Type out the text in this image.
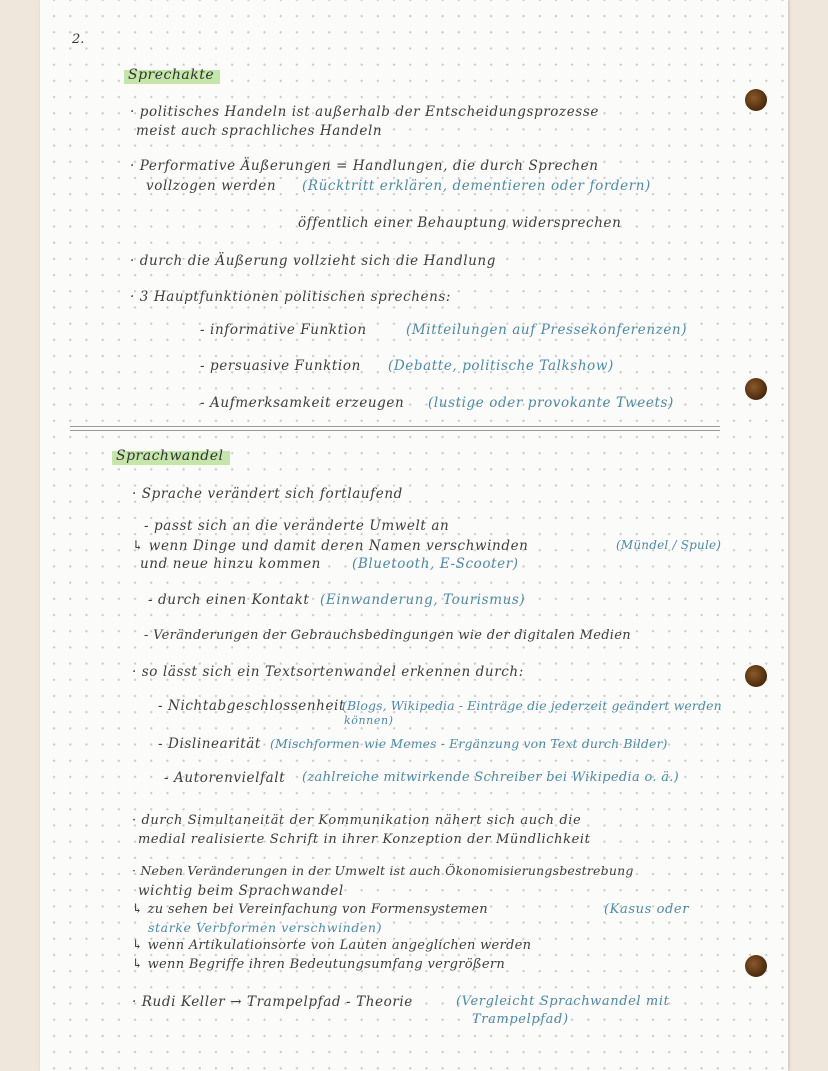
2.
Sprechakte
· politisches Handeln ist außerhalb der Entscheidungsprozesse
meist auch sprachliches Handeln
· Performative Äußerungen = Handlungen, die durch Sprechen
vollzogen werden (Rücktritt erklären, dementieren oder fordern)
öffentlich einer Behauptung widersprechen
· durch die Äußerung vollzieht sich die Handlung
· 3 Hauptfunktionen politischen sprechens:
- informative Funktion	(Mitteilungen auf Pressekonferenzen)
- persuasive Funktion (Debatte, politische Talkshow)
- Aufmerksamkeit erzeugen (lustige oder provokante Tweets)
Sprachwandel
· Sprache verändert sich fortlaufend
- passt sich an die veränderte Umwelt an
↳ wenn Dinge und damit deren Namen verschwinden	(Mündel / Spule)
und neue hinzu kommen (Bluetooth, E-Scooter)
- durch einen Kontakt (Einwanderung, Tourismus)
- Veränderungen der Gebrauchsbedingungen wie der digitalen Medien
· so lässt sich ein Textsortenwandel erkennen durch:
- Nichtabgeschlossenheit
(Blogs, Wikipedia - Einträge die jederzeit geändert werden
können)
- Dislinearität (Mischformen wie Memes - Ergänzung von Text durch Bilder)
- Autorenvielfalt (zahlreiche mitwirkende Schreiber bei Wikipedia o. ä.)
· durch Simultaneität der Kommunikation nähert sich auch die
medial realisierte Schrift in ihrer Konzeption der Mündlichkeit
· Neben Veränderungen in der Umwelt ist auch Ökonomisierungsbestrebung
wichtig beim Sprachwandel
↳ zu sehen bei Vereinfachung von Formensystemen	(Kasus oder
starke Verbformen verschwinden)
↳ wenn Artikulationsorte von Lauten angeglichen werden
↳ wenn Begriffe ihren Bedeutungsumfang vergrößern
· Rudi Keller → Trampelpfad - Theorie	(Vergleicht Sprachwandel mit
Trampelpfad)
